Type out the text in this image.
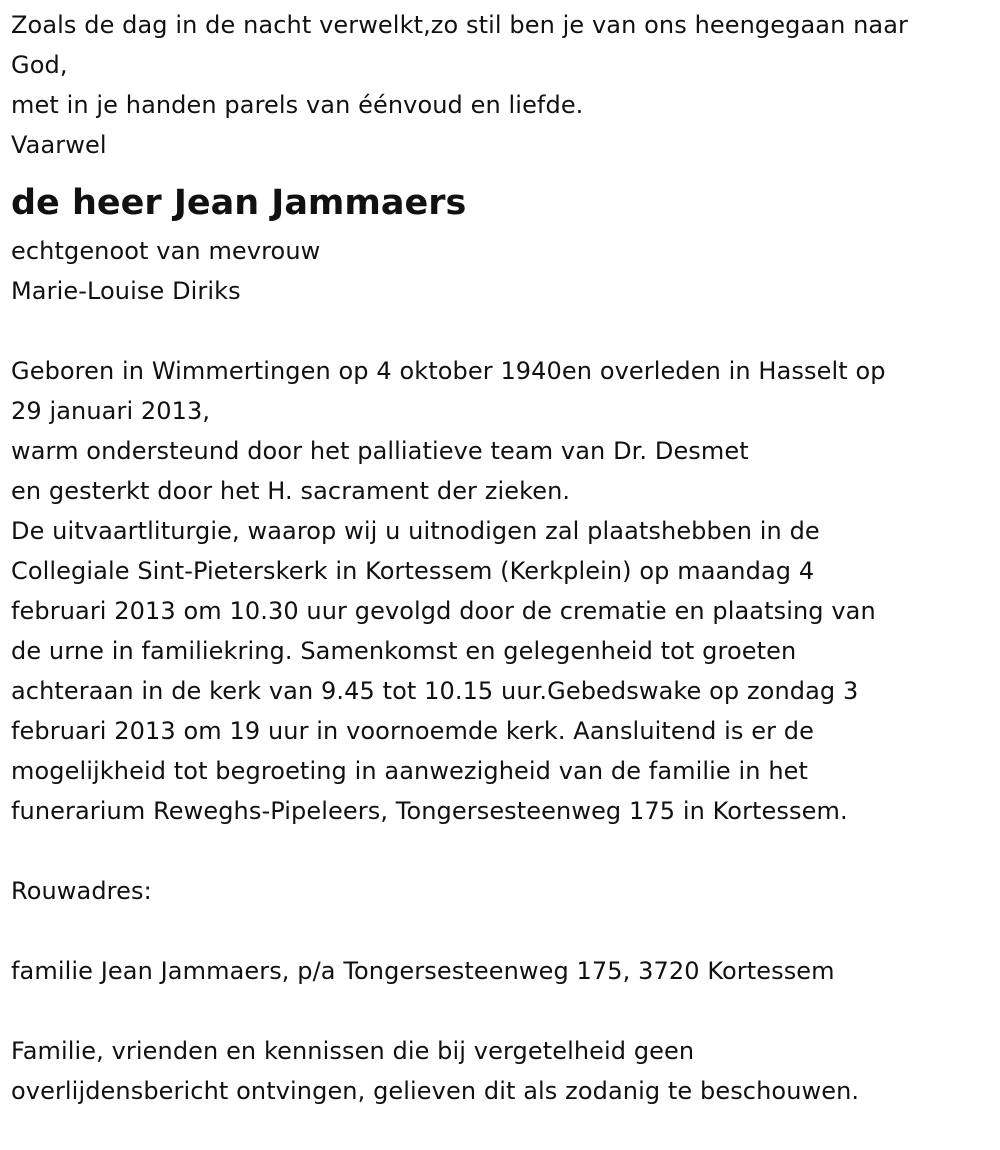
Zoals de dag in de nacht verwelkt,zo stil ben je van ons heengegaan naar
God,
met in je handen parels van éénvoud en liefde.
Vaarwel
de heer Jean Jammaers
echtgenoot van mevrouw
Marie-Louise Diriks
Geboren in Wimmertingen op 4 oktober 1940en overleden in Hasselt op
29 januari 2013,
warm ondersteund door het palliatieve team van Dr. Desmet
en gesterkt door het H. sacrament der zieken.
De uitvaartliturgie, waarop wij u uitnodigen zal plaatshebben in de
Collegiale Sint-Pieterskerk in Kortessem (Kerkplein) op maandag 4
februari 2013 om 10.30 uur gevolgd door de crematie en plaatsing van
de urne in familiekring. Samenkomst en gelegenheid tot groeten
achteraan in de kerk van 9.45 tot 10.15 uur.Gebedswake op zondag 3
februari 2013 om 19 uur in voornoemde kerk. Aansluitend is er de
mogelijkheid tot begroeting in aanwezigheid van de familie in het
funerarium Reweghs-Pipeleers, Tongersesteenweg 175 in Kortessem.
Rouwadres:
familie Jean Jammaers, p/a Tongersesteenweg 175, 3720 Kortessem
Familie, vrienden en kennissen die bij vergetelheid geen
overlijdensbericht ontvingen, gelieven dit als zodanig te beschouwen.
